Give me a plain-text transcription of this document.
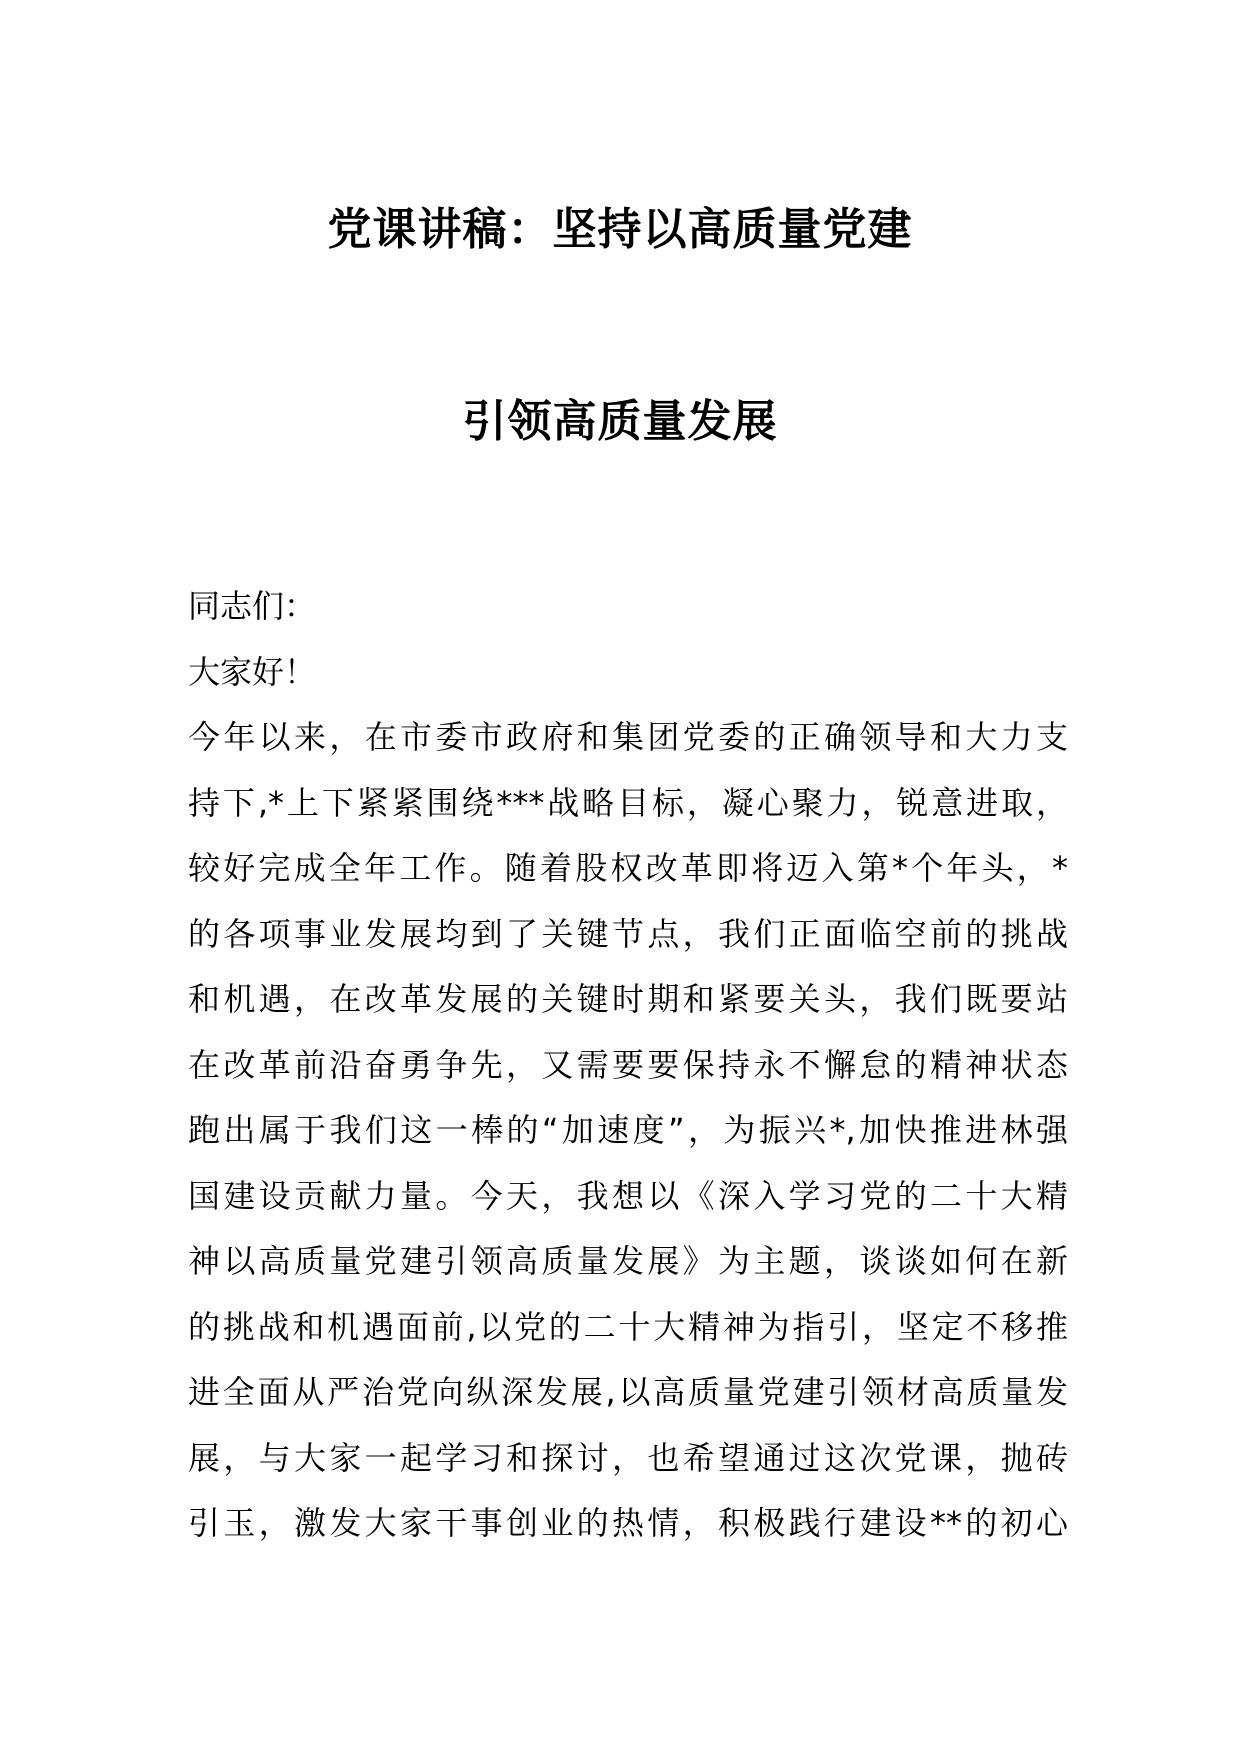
党课讲稿：坚持以高质量党建
引领高质量发展
同志们：
大家好！
今年以来，在市委市政府和集团党委的正确领导和大力支
持下,*上下紧紧围绕***战略目标，凝心聚力，锐意进取，
较好完成全年工作。随着股权改革即将迈入第*个年头，*
的各项事业发展均到了关键节点，我们正面临空前的挑战
和机遇，在改革发展的关键时期和紧要关头，我们既要站
在改革前沿奋勇争先，又需要要保持永不懈怠的精神状态
跑出属于我们这一棒的“加速度”，为振兴*,加快推进林强
国建设贡献力量。今天，我想以《深入学习党的二十大精
神以高质量党建引领高质量发展》为主题，谈谈如何在新
的挑战和机遇面前,以党的二十大精神为指引，坚定不移推
进全面从严治党向纵深发展,以高质量党建引领材高质量发
展，与大家一起学习和探讨，也希望通过这次党课，抛砖
引玉，激发大家干事创业的热情，积极践行建设**的初心
